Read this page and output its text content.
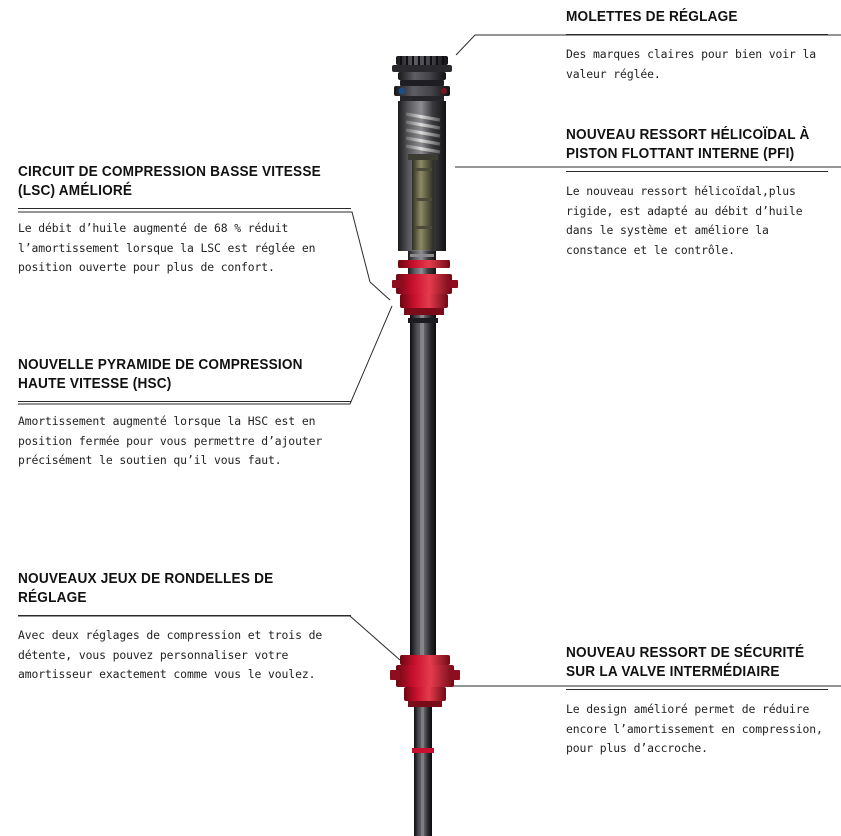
MOLETTES DE RÉGLAGE

Des marques claires pour bien voir la valeur réglée.

NOUVEAU RESSORT HÉLICOÏDAL À PISTON FLOTTANT INTERNE (PFI)

Le nouveau ressort hélicoïdal,plus rigide, est adapté au débit d’huile dans le système et améliore la constance et le contrôle.

NOUVEAU RESSORT DE SÉCURITÉ SUR LA VALVE INTERMÉDIAIRE

Le design amélioré permet de réduire encore l’amortissement en compression, pour plus d’accroche.

CIRCUIT DE COMPRESSION BASSE VITESSE (LSC) AMÉLIORÉ

Le débit d’huile augmenté de 68 % réduit l’amortissement lorsque la LSC est réglée en position ouverte pour plus de confort.

NOUVELLE PYRAMIDE DE COMPRESSION HAUTE VITESSE (HSC)

Amortissement augmenté lorsque la HSC est en position fermée pour vous permettre d’ajouter précisément le soutien qu’il vous faut.

NOUVEAUX JEUX DE RONDELLES DE RÉGLAGE

Avec deux réglages de compression et trois de détente, vous pouvez personnaliser votre amortisseur exactement comme vous le voulez.
